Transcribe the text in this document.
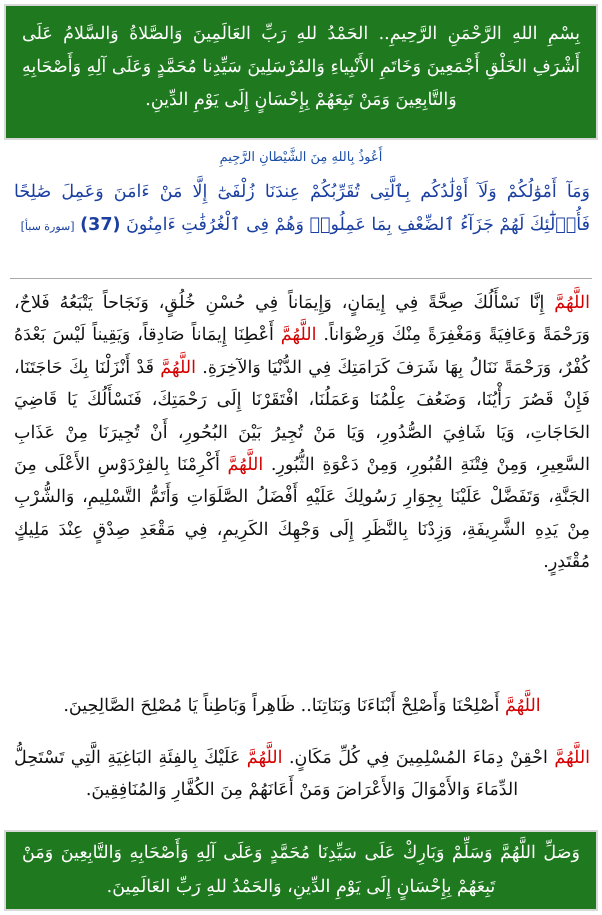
بِسْمِ اللهِ الرَّحْمَنِ الرَّحِيمِ.. الحَمْدُ للهِ رَبِّ العَالَمِينَ وَالصَّلاةُ وَالسَّلامُ عَلَى أَشْرَفِ الخَلْقِ أَجْمَعِينَ وَخَاتَمِ الأَنْبِياءِ وَالمُرْسَلِينَ سَيِّدِنا مُحَمَّدٍ وَعَلَى آلِهِ وَأَصْحَابِهِ وَالتَّابِعِينَ وَمَنْ تَبِعَهُمْ بِإِحْسَانٍ إِلَى يَوْمِ الدِّينِ.
أَعُوذُ بِاللهِ مِنَ الشَّيْطانِ الرَّجِيمِ
وَمَآ أَمْوَٰلُكُمْ وَلَآ أَوْلَٰدُكُم بِٱلَّتِى تُقَرِّبُكُمْ عِندَنَا زُلْفَىٰٓ إِلَّا مَنْ ءَامَنَ وَعَمِلَ صَٰلِحًا فَأُو۟لَٰٓئِكَ لَهُمْ جَزَآءُ ٱلضِّعْفِ بِمَا عَمِلُوا۟ وَهُمْ فِى ٱلْغُرُفَٰتِ ءَامِنُونَ (37) [سورة سبأ]
اللَّهُمَّ إِنَّا نَسْأَلُكَ صِحَّةً فِي إِيمَانٍ، وَإِيمَاناً فِي حُسْنِ خُلُقٍ، وَنَجَاحاً يَتْبَعُهُ فَلاحٌ، وَرَحْمَةً وَعَافِيَةً وَمَغْفِرَةً مِنْكَ وَرِضْوَاناً. اللَّهُمَّ أَعْطِنَا إِيمَاناً صَادِقاً، وَيَقِيناً لَيْسَ بَعْدَهُ كُفْرٌ، وَرَحْمَةً نَنَالُ بِهَا شَرَفَ كَرَامَتِكَ فِي الدُّنْيَا وَالآخِرَةِ. اللَّهُمَّ قَدْ أَنْزَلْنَا بِكَ حَاجَتَنَا، فَإِنْ قَصُرَ رَأْيُنَا، وَضَعُفَ عِلْمُنَا وَعَمَلُنَا، افْتَقَرْنَا إِلَى رَحْمَتِكَ، فَنَسْأَلُكَ يَا قَاضِيَ الحَاجَاتِ، وَيَا شَافِيَ الصُّدُورِ، وَيَا مَنْ تُجِيرُ بَيْنَ البُحُورِ، أَنْ تُجِيرَنَا مِنْ عَذَابِ السَّعِيرِ، وَمِنْ فِتْنَةِ القُبُورِ، وَمِنْ دَعْوَةِ الثُّبُورِ. اللَّهُمَّ أَكْرِمْنَا بِالفِرْدَوْسِ الأَعْلَى مِنَ الجَنَّةِ، وَتَفَضَّلْ عَلَيْنَا بِجِوَارِ رَسُولِكَ عَلَيْهِ أَفْضَلُ الصَّلَوَاتِ وَأَتَمُّ التَّسْلِيمِ، وَالشُّرْبِ مِنْ يَدِهِ الشَّرِيفَةِ، وَزِدْنَا بِالنَّظَرِ إِلَى وَجْهِكَ الكَرِيمِ، فِي مَقْعَدِ صِدْقٍ عِنْدَ مَلِيكٍ مُقْتَدِرٍ.
اللَّهُمَّ أَصْلِحْنَا وَأَصْلِحْ أَبْنَاءَنَا وَبَنَاتِنَا.. ظَاهِراً وَبَاطِناً يَا مُصْلِحَ الصَّالِحِينَ.
اللَّهُمَّ احْقِنْ دِمَاءَ المُسْلِمِينَ فِي كُلِّ مَكَانٍ. اللَّهُمَّ عَلَيْكَ بِالفِئَةِ البَاغِيَةِ الَّتِي تَسْتَحِلُّ الدِّمَاءَ وَالأَمْوَالَ وَالأَعْرَاضَ وَمَنْ أَعَانَهُمْ مِنَ الكُفَّارِ وَالمُنَافِقِينَ.
وَصَلِّ اللَّهُمَّ وَسَلِّمْ وَبَارِكْ عَلَى سَيِّدِنَا مُحَمَّدٍ وَعَلَى آلِهِ وَأَصْحَابِهِ وَالتَّابِعِينَ وَمَنْ تَبِعَهُمْ بِإِحْسَانٍ إِلَى يَوْمِ الدِّينِ، وَالحَمْدُ للهِ رَبِّ العَالَمِينَ.
